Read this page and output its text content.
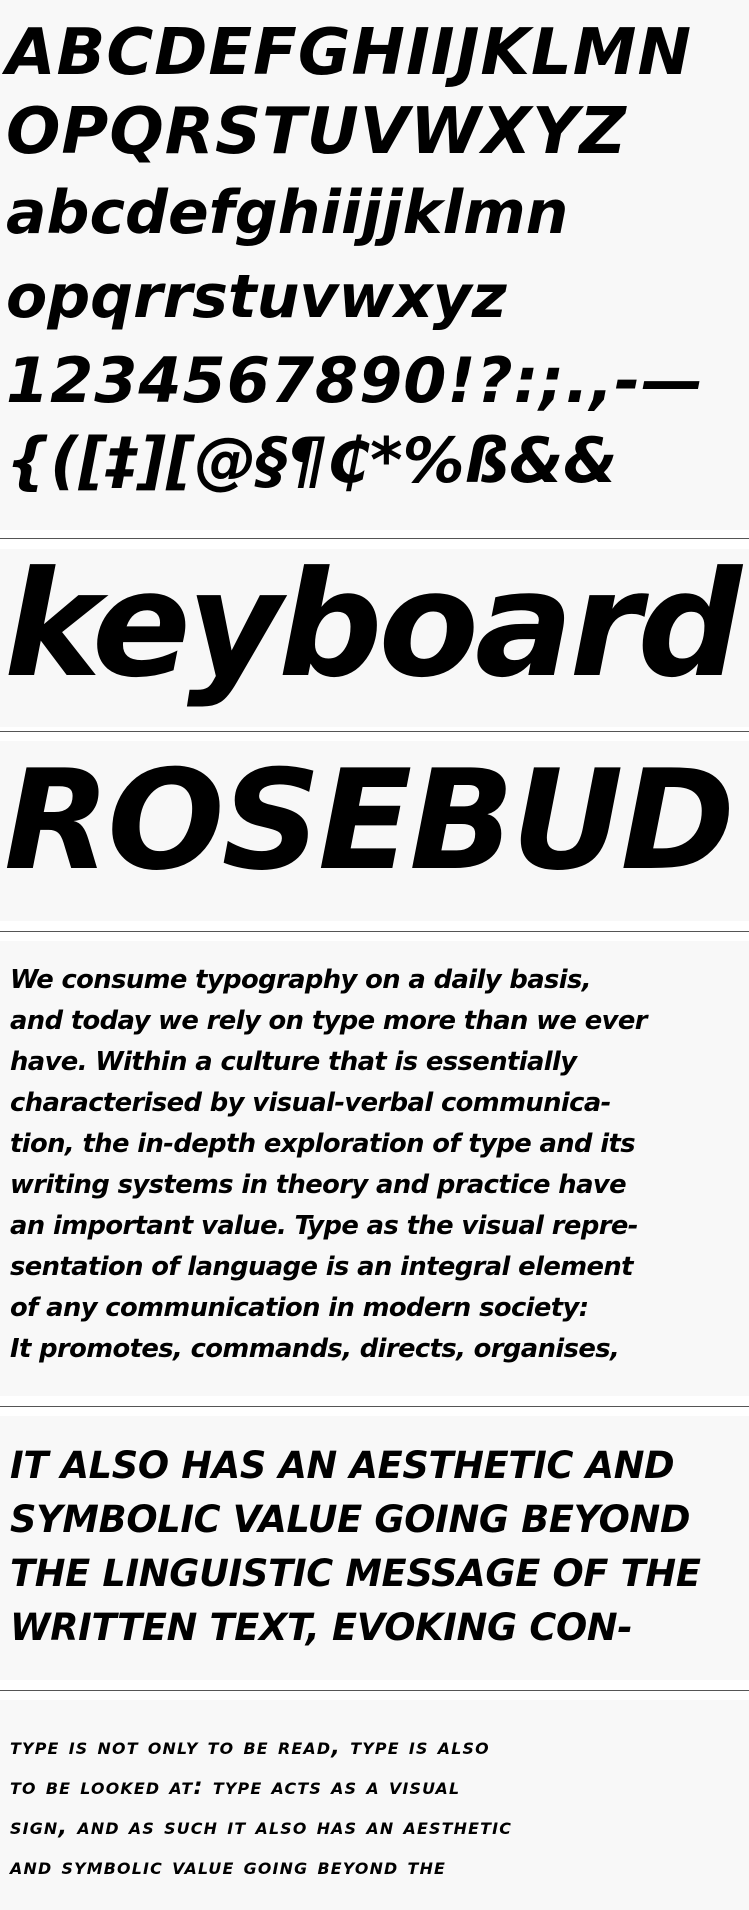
ABCDEFGHIIJKLMN
OPQRSTUVWXYZ
abcdefghiijjklmn
opqrrstuvwxyz
1234567890!?:;.,-—
{([‡][@§¶₵*%ß&&
keyboard
ROSEBUD
We consume typography on a daily basis, and today we rely on type more than we ever have. Within a culture that is essentially characterised by visual-verbal communica- tion, the in-depth exploration of type and its writing systems in theory and practice have an important value. Type as the visual repre- sentation of language is an integral element of any communication in modern society: It promotes, commands, directs, organises,
IT ALSO HAS AN AESTHETIC AND SYMBOLIC VALUE GOING BEYOND THE LINGUISTIC MESSAGE OF THE WRITTEN TEXT, EVOKING CON-
type is not only to be read, type is also to be looked at: type acts as a visual sign, and as such it also has an aesthetic and symbolic value going beyond the
